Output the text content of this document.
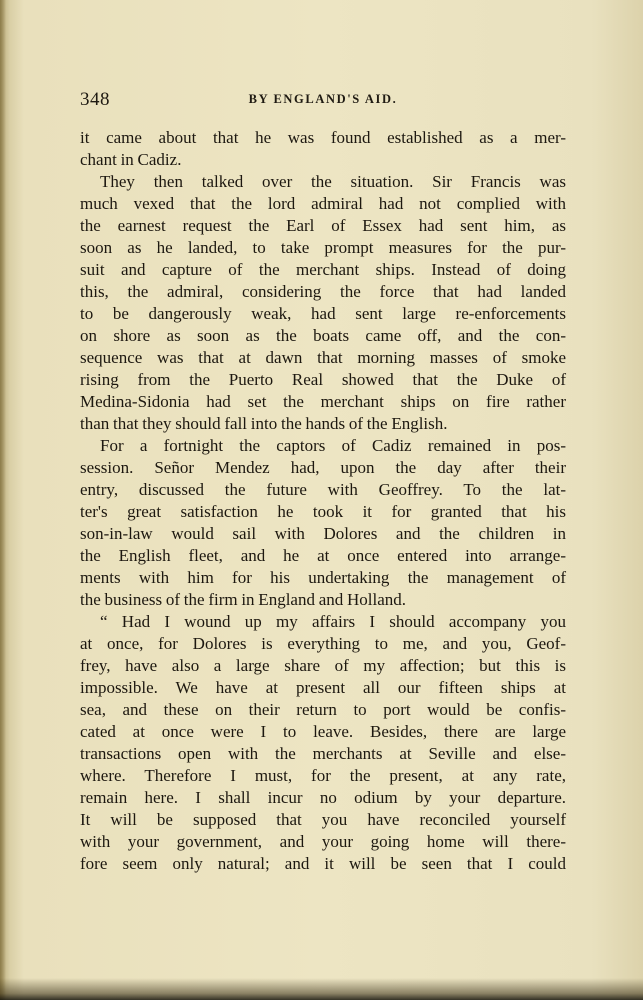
348	BY ENGLAND'S AID.
it came about that he was found established as a mer-
chant in Cadiz.
They then talked over the situation. Sir Francis was
much vexed that the lord admiral had not complied with
the earnest request the Earl of Essex had sent him, as
soon as he landed, to take prompt measures for the pur-
suit and capture of the merchant ships. Instead of doing
this, the admiral, considering the force that had landed
to be dangerously weak, had sent large re-enforcements
on shore as soon as the boats came off, and the con-
sequence was that at dawn that morning masses of smoke
rising from the Puerto Real showed that the Duke of
Medina-Sidonia had set the merchant ships on fire rather
than that they should fall into the hands of the English.
For a fortnight the captors of Cadiz remained in pos-
session. Señor Mendez had, upon the day after their
entry, discussed the future with Geoffrey. To the lat-
ter's great satisfaction he took it for granted that his
son-in-law would sail with Dolores and the children in
the English fleet, and he at once entered into arrange-
ments with him for his undertaking the management of
the business of the firm in England and Holland.
“ Had I wound up my affairs I should accompany you
at once, for Dolores is everything to me, and you, Geof-
frey, have also a large share of my affection; but this is
impossible. We have at present all our fifteen ships at
sea, and these on their return to port would be confis-
cated at once were I to leave. Besides, there are large
transactions open with the merchants at Seville and else-
where. Therefore I must, for the present, at any rate,
remain here. I shall incur no odium by your departure.
It will be supposed that you have reconciled yourself
with your government, and your going home will there-
fore seem only natural; and it will be seen that I could
